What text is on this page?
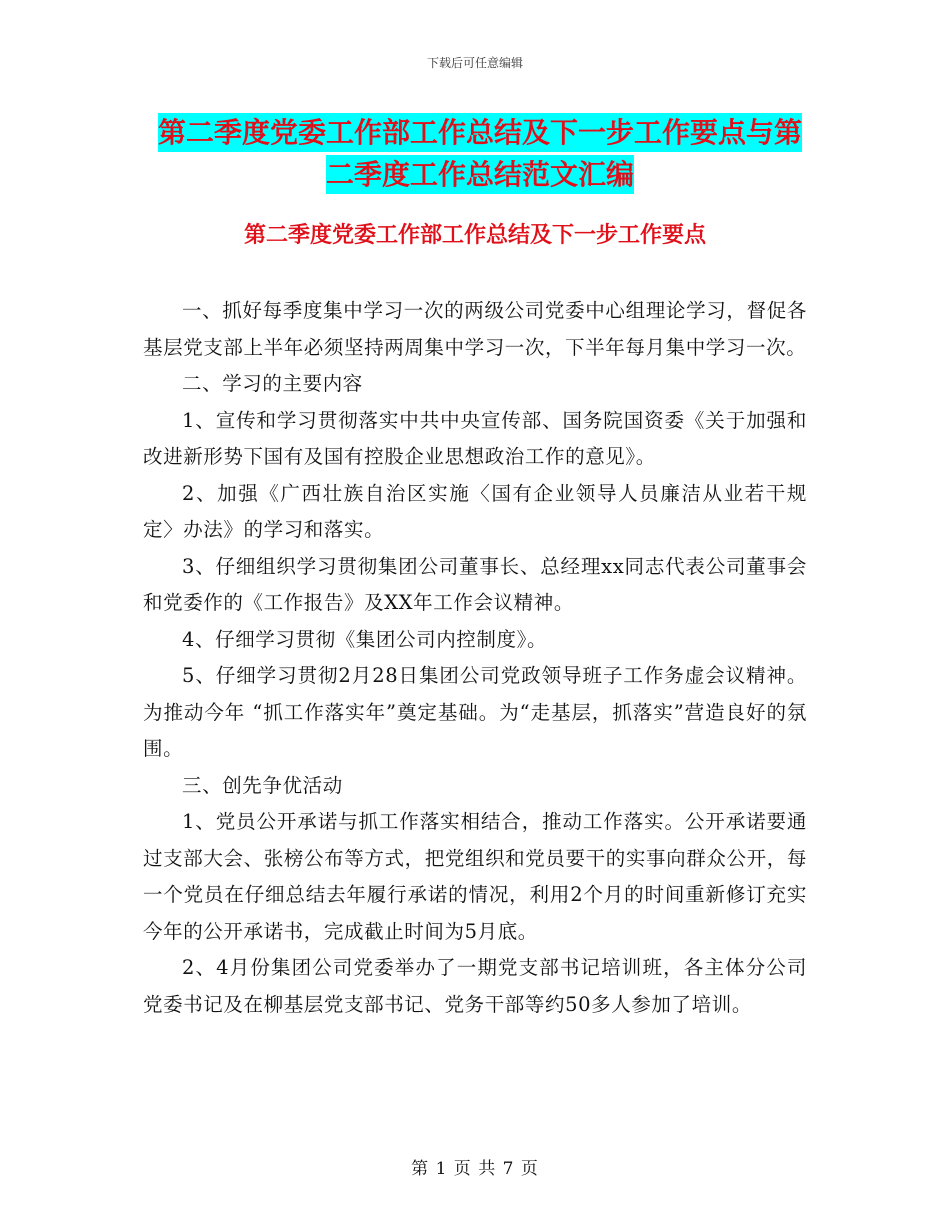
下载后可任意编辑
第二季度党委工作部工作总结及下一步工作要点与第
二季度工作总结范文汇编
第二季度党委工作部工作总结及下一步工作要点

一、抓好每季度集中学习一次的两级公司党委中心组理论学习，督促各基层党支部上半年必须坚持两周集中学习一次，下半年每月集中学习一次。

二、学习的主要内容

1、宣传和学习贯彻落实中共中央宣传部、国务院国资委《关于加强和改进新形势下国有及国有控股企业思想政治工作的意见》。

2、加强《广西壮族自治区实施〈国有企业领导人员廉洁从业若干规定〉办法》的学习和落实。

3、仔细组织学习贯彻集团公司董事长、总经理xx同志代表公司董事会和党委作的《工作报告》及XX年工作会议精神。

4、仔细学习贯彻《集团公司内控制度》。

5、仔细学习贯彻2月28日集团公司党政领导班子工作务虚会议精神。为推动今年 “抓工作落实年”奠定基础。为“走基层，抓落实”营造良好的氛围。

三、创先争优活动

1、党员公开承诺与抓工作落实相结合，推动工作落实。公开承诺要通过支部大会、张榜公布等方式，把党组织和党员要干的实事向群众公开，每一个党员在仔细总结去年履行承诺的情况，利用2个月的时间重新修订充实今年的公开承诺书，完成截止时间为5月底。

2、4月份集团公司党委举办了一期党支部书记培训班，各主体分公司党委书记及在柳基层党支部书记、党务干部等约50多人参加了培训。

第 1 页 共 7 页
